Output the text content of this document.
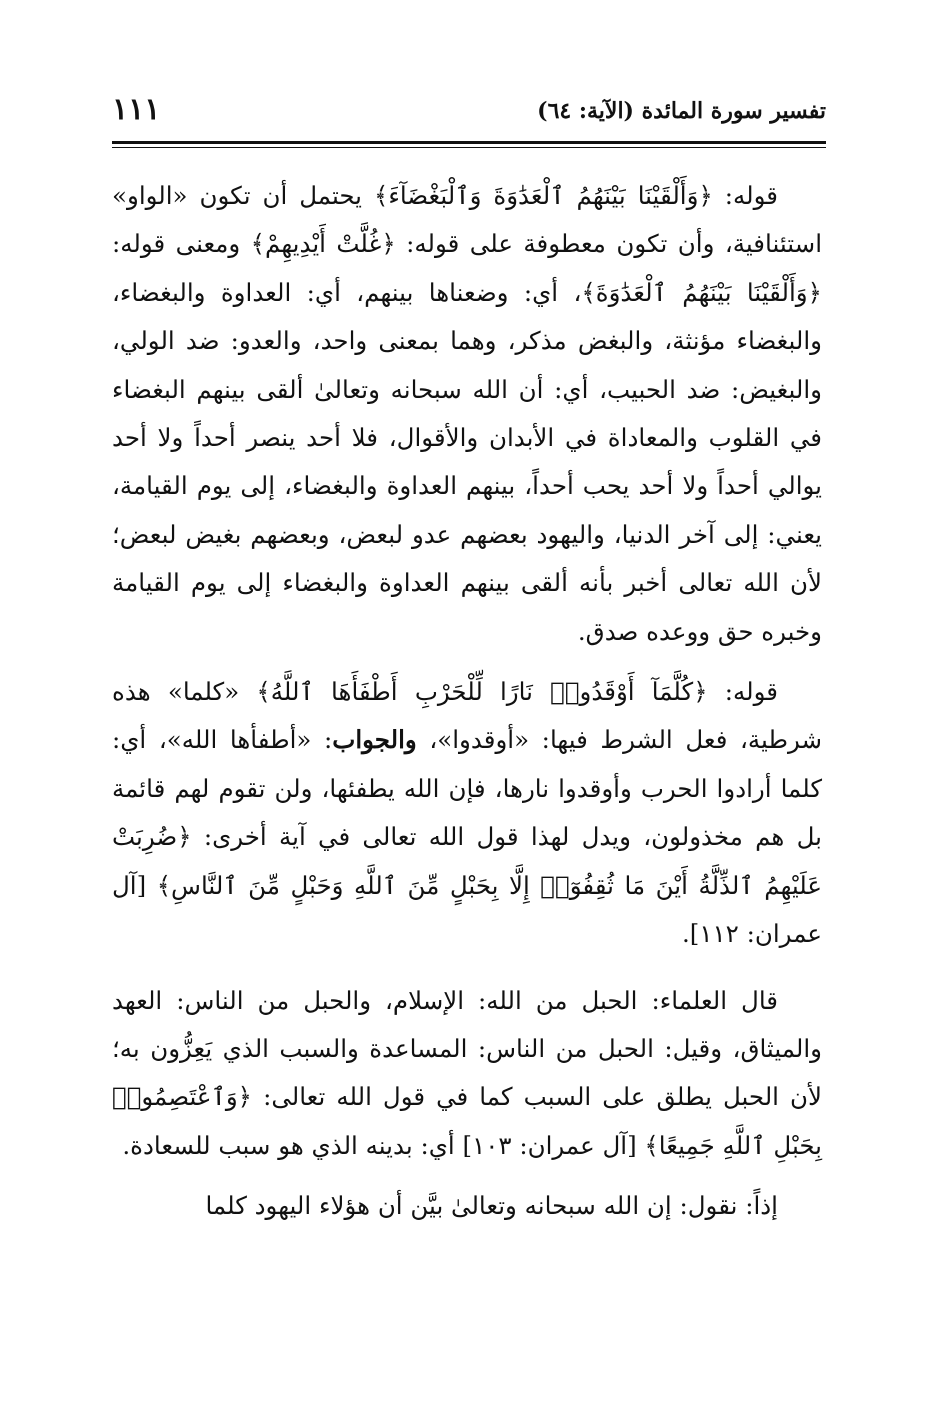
١١١	تفسير سورة المائدة (الآية: ٦٤)

قوله: ﴿وَأَلْقَيْنَا بَيْنَهُمُ ٱلْعَدَٰوَةَ وَٱلْبَغْضَآءَ﴾ يحتمل أن تكون «الواو» استئنافية، وأن تكون معطوفة على قوله: ﴿غُلَّتْ أَيْدِيهِمْ﴾ ومعنى قوله: ﴿وَأَلْقَيْنَا بَيْنَهُمُ ٱلْعَدَٰوَةَ﴾، أي: وضعناها بينهم، أي: العداوة والبغضاء، والبغضاء مؤنثة، والبغض مذكر، وهما بمعنى واحد، والعدو: ضد الولي، والبغيض: ضد الحبيب، أي: أن الله سبحانه وتعالىٰ ألقى بينهم البغضاء في القلوب والمعاداة في الأبدان والأقوال، فلا أحد ينصر أحداً ولا أحد يوالي أحداً ولا أحد يحب أحداً، بينهم العداوة والبغضاء، إلى يوم القيامة، يعني: إلى آخر الدنيا، واليهود بعضهم عدو لبعض، وبعضهم بغيض لبعض؛ لأن الله تعالى أخبر بأنه ألقى بينهم العداوة والبغضاء إلى يوم القيامة وخبره حق ووعده صدق.

قوله: ﴿كُلَّمَآ أَوْقَدُوا۟ نَارًا لِّلْحَرْبِ أَطْفَأَهَا ٱللَّهُ﴾ «كلما» هذه شرطية، فعل الشرط فيها: «أوقدوا»، والجواب: «أطفأها الله»، أي: كلما أرادوا الحرب وأوقدوا نارها، فإن الله يطفئها، ولن تقوم لهم قائمة بل هم مخذولون، ويدل لهذا قول الله تعالى في آية أخرى: ﴿ضُرِبَتْ عَلَيْهِمُ ٱلذِّلَّةُ أَيْنَ مَا ثُقِفُوٓا۟ إِلَّا بِحَبْلٍ مِّنَ ٱللَّهِ وَحَبْلٍ مِّنَ ٱلنَّاسِ﴾ [آل عمران: ١١٢].

قال العلماء: الحبل من الله: الإسلام، والحبل من الناس: العهد والميثاق، وقيل: الحبل من الناس: المساعدة والسبب الذي يَعِزُّون به؛ لأن الحبل يطلق على السبب كما في قول الله تعالى: ﴿وَٱعْتَصِمُوا۟ بِحَبْلِ ٱللَّهِ جَمِيعًا﴾ [آل عمران: ١٠٣] أي: بدينه الذي هو سبب للسعادة.

إذاً: نقول: إن الله سبحانه وتعالىٰ بيَّن أن هؤلاء اليهود كلما
